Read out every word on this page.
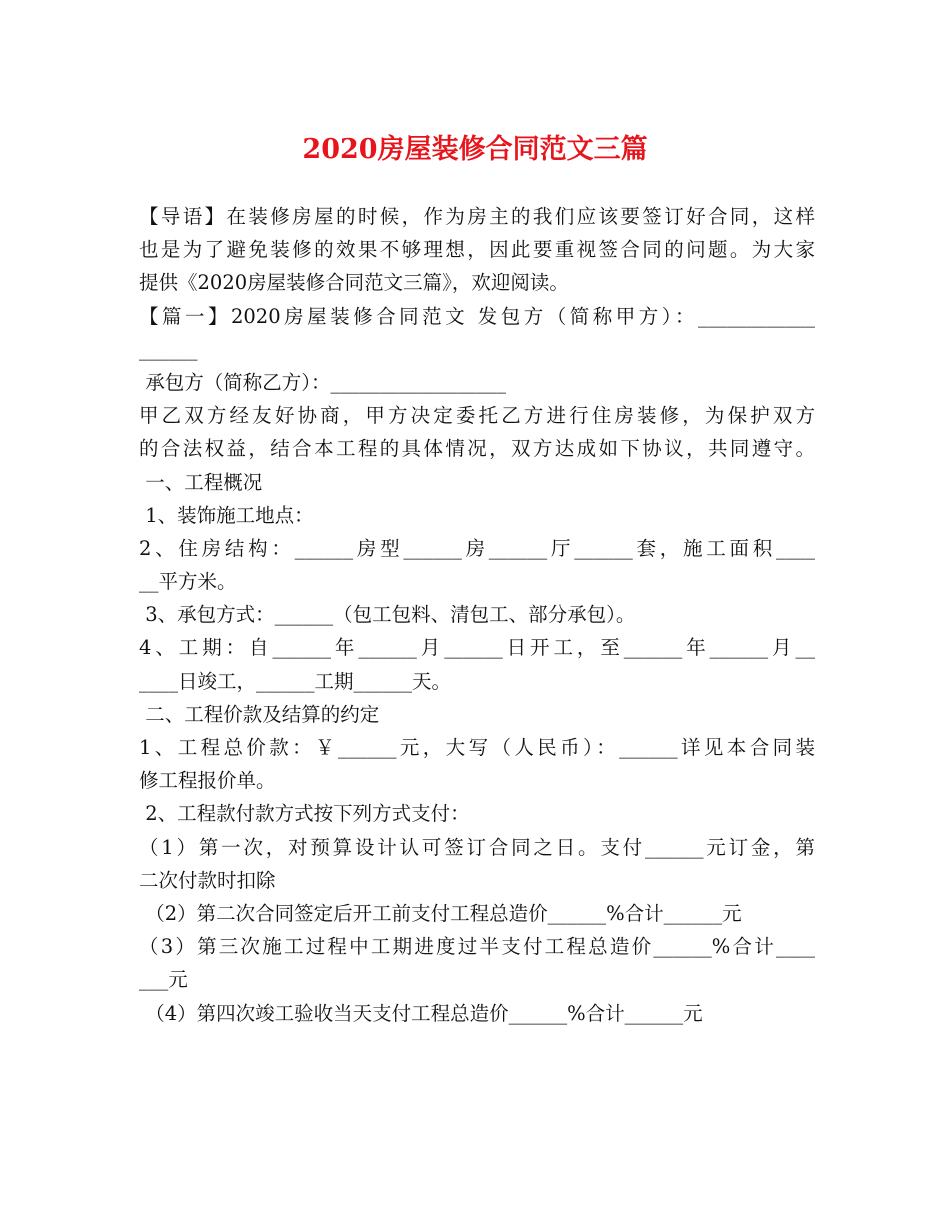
2020房屋装修合同范文三篇
【导语】在装修房屋的时候，作为房主的我们应该要签订好合同，这样
也是为了避免装修的效果不够理想，因此要重视签合同的问题。为大家
提供《2020房屋装修合同范文三篇》，欢迎阅读。
【篇一】2020房屋装修合同范文 发包方（简称甲方）：____________
______
承包方（简称乙方）：__________________
甲乙双方经友好协商，甲方决定委托乙方进行住房装修，为保护双方
的合法权益，结合本工程的具体情况，双方达成如下协议，共同遵守。
一、工程概况
1、装饰施工地点：
2、住房结构：______房型______房______厅______套，施工面积____
__平方米。
3、承包方式：______（包工包料、清包工、部分承包）。
4、工期：自______年______月______日开工，至______年______月__
____日竣工，______工期______天。
二、工程价款及结算的约定
1、工程总价款：￥______元，大写（人民币）：______详见本合同装
修工程报价单。
2、工程款付款方式按下列方式支付：
（1）第一次，对预算设计认可签订合同之日。支付______元订金，第
二次付款时扣除
（2）第二次合同签定后开工前支付工程总造价______%合计______元
（3）第三次施工过程中工期进度过半支付工程总造价______%合计____
___元
（4）第四次竣工验收当天支付工程总造价______%合计______元
